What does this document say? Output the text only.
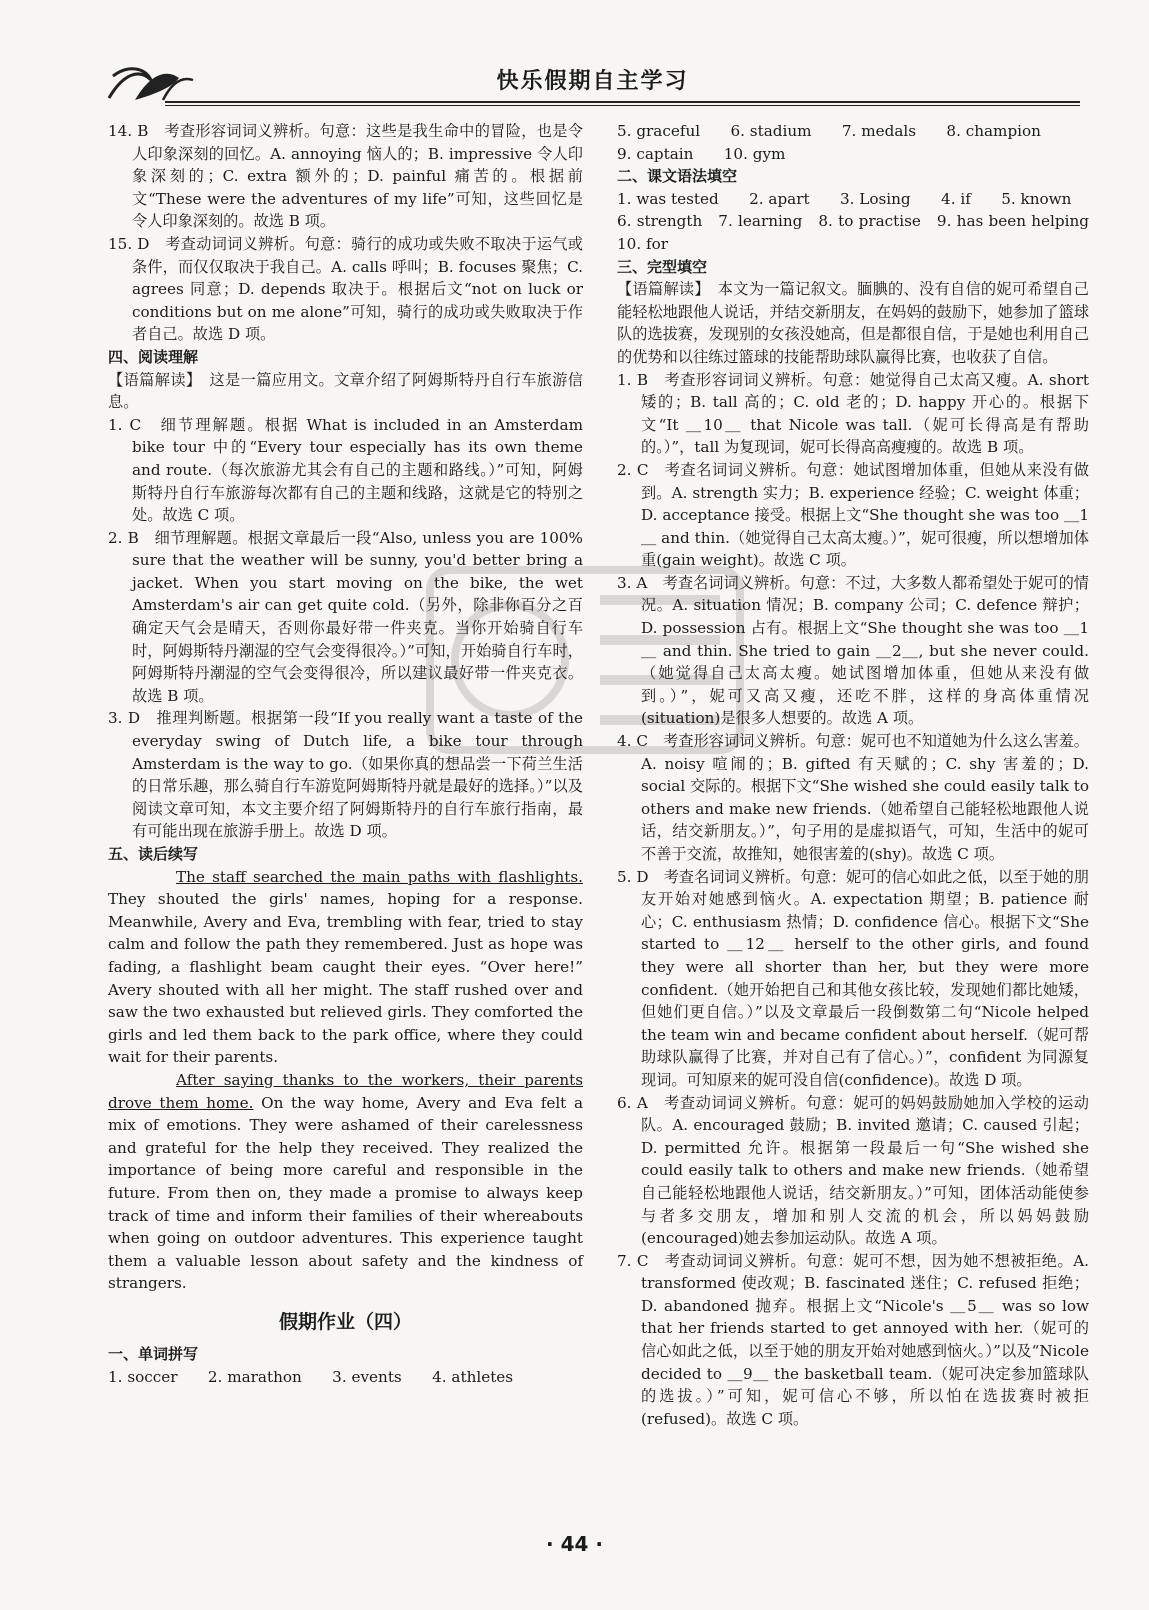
快乐假期自主学习

14. B　考查形容词词义辨析。句意：这些是我生命中的冒险，也是令人印象深刻的回忆。A. annoying 恼人的；B. impressive 令人印象深刻的；C. extra 额外的；D. painful 痛苦的。根据前文“These were the adventures of my life”可知，这些回忆是令人印象深刻的。故选 B 项。

15. D　考查动词词义辨析。句意：骑行的成功或失败不取决于运气或条件，而仅仅取决于我自己。A. calls 呼叫；B. focuses 聚焦；C. agrees 同意；D. depends 取决于。根据后文“not on luck or conditions but on me alone”可知，骑行的成功或失败取决于作者自己。故选 D 项。

四、阅读理解

【语篇解读】　这是一篇应用文。文章介绍了阿姆斯特丹自行车旅游信息。

1. C　细节理解题。根据 What is included in an Amsterdam bike tour 中的“Every tour especially has its own theme and route.（每次旅游尤其会有自己的主题和路线。）”可知，阿姆斯特丹自行车旅游每次都有自己的主题和线路，这就是它的特别之处。故选 C 项。

2. B　细节理解题。根据文章最后一段“Also, unless you are 100% sure that the weather will be sunny, you'd better bring a jacket. When you start moving on the bike, the wet Amsterdam's air can get quite cold.（另外，除非你百分之百确定天气会是晴天，否则你最好带一件夹克。当你开始骑自行车时，阿姆斯特丹潮湿的空气会变得很冷。）”可知，开始骑自行车时，阿姆斯特丹潮湿的空气会变得很冷，所以建议最好带一件夹克衣。故选 B 项。

3. D　推理判断题。根据第一段“If you really want a taste of the everyday swing of Dutch life, a bike tour through Amsterdam is the way to go.（如果你真的想品尝一下荷兰生活的日常乐趣，那么骑自行车游览阿姆斯特丹就是最好的选择。）”以及阅读文章可知，本文主要介绍了阿姆斯特丹的自行车旅行指南，最有可能出现在旅游手册上。故选 D 项。

五、读后续写

The staff searched the main paths with flashlights. They shouted the girls' names, hoping for a response. Meanwhile, Avery and Eva, trembling with fear, tried to stay calm and follow the path they remembered. Just as hope was fading, a flashlight beam caught their eyes. “Over here!” Avery shouted with all her might. The staff rushed over and saw the two exhausted but relieved girls. They comforted the girls and led them back to the park office, where they could wait for their parents.

After saying thanks to the workers, their parents drove them home. On the way home, Avery and Eva felt a mix of emotions. They were ashamed of their carelessness and grateful for the help they received. They realized the importance of being more careful and responsible in the future. From then on, they made a promise to always keep track of time and inform their families of their whereabouts when going on outdoor adventures. This experience taught them a valuable lesson about safety and the kindness of strangers.

假期作业（四）

一、单词拼写

1. soccer　　2. marathon　　3. events　　4. athletes

5. graceful　　6. stadium　　7. medals　　8. champion

9. captain　　10. gym

二、课文语法填空

1. was tested　　2. apart　　3. Losing　　4. if　　5. known

6. strength　7. learning　8. to practise　9. has been helping　10. for

三、完型填空

【语篇解读】　本文为一篇记叙文。腼腆的、没有自信的妮可希望自己能轻松地跟他人说话，并结交新朋友，在妈妈的鼓励下，她参加了篮球队的选拔赛，发现别的女孩没她高，但是都很自信，于是她也利用自己的优势和以往练过篮球的技能帮助球队赢得比赛，也收获了自信。

1. B　考查形容词词义辨析。句意：她觉得自己太高又瘦。A. short 矮的；B. tall 高的；C. old 老的；D. happy 开心的。根据下文“It ＿10＿ that Nicole was tall.（妮可长得高是有帮助的。）”，tall 为复现词，妮可长得高高瘦瘦的。故选 B 项。

2. C　考查名词词义辨析。句意：她试图增加体重，但她从来没有做到。A. strength 实力；B. experience 经验；C. weight 体重；D. acceptance 接受。根据上文“She thought she was too ＿1＿ and thin.（她觉得自己太高太瘦。）”，妮可很瘦，所以想增加体重(gain weight)。故选 C 项。

3. A　考查名词词义辨析。句意：不过，大多数人都希望处于妮可的情况。A. situation 情况；B. company 公司；C. defence 辩护；D. possession 占有。根据上文“She thought she was too ＿1＿ and thin. She tried to gain ＿2＿, but she never could.（她觉得自己太高太瘦。她试图增加体重，但她从来没有做到。）”，妮可又高又瘦，还吃不胖，这样的身高体重情况(situation)是很多人想要的。故选 A 项。

4. C　考查形容词词义辨析。句意：妮可也不知道她为什么这么害羞。A. noisy 喧闹的；B. gifted 有天赋的；C. shy 害羞的；D. social 交际的。根据下文“She wished she could easily talk to others and make new friends.（她希望自己能轻松地跟他人说话，结交新朋友。）”，句子用的是虚拟语气，可知，生活中的妮可不善于交流，故推知，她很害羞的(shy)。故选 C 项。

5. D　考查名词词义辨析。句意：妮可的信心如此之低，以至于她的朋友开始对她感到恼火。A. expectation 期望；B. patience 耐心；C. enthusiasm 热情；D. confidence 信心。根据下文“She started to ＿12＿ herself to the other girls, and found they were all shorter than her, but they were more confident.（她开始把自己和其他女孩比较，发现她们都比她矮，但她们更自信。）”以及文章最后一段倒数第二句“Nicole helped the team win and became confident about herself.（妮可帮助球队赢得了比赛，并对自己有了信心。）”，confident 为同源复现词。可知原来的妮可没自信(confidence)。故选 D 项。

6. A　考查动词词义辨析。句意：妮可的妈妈鼓励她加入学校的运动队。A. encouraged 鼓励；B. invited 邀请；C. caused 引起；D. permitted 允许。根据第一段最后一句“She wished she could easily talk to others and make new friends.（她希望自己能轻松地跟他人说话，结交新朋友。）”可知，团体活动能使参与者多交朋友，增加和别人交流的机会，所以妈妈鼓励(encouraged)她去参加运动队。故选 A 项。

7. C　考查动词词义辨析。句意：妮可不想，因为她不想被拒绝。A. transformed 使改观；B. fascinated 迷住；C. refused 拒绝；D. abandoned 抛弃。根据上文“Nicole's ＿5＿ was so low that her friends started to get annoyed with her.（妮可的信心如此之低，以至于她的朋友开始对她感到恼火。）”以及“Nicole decided to ＿9＿ the basketball team.（妮可决定参加篮球队的选拔。）”可知，妮可信心不够，所以怕在选拔赛时被拒(refused)。故选 C 项。

· 44 ·
